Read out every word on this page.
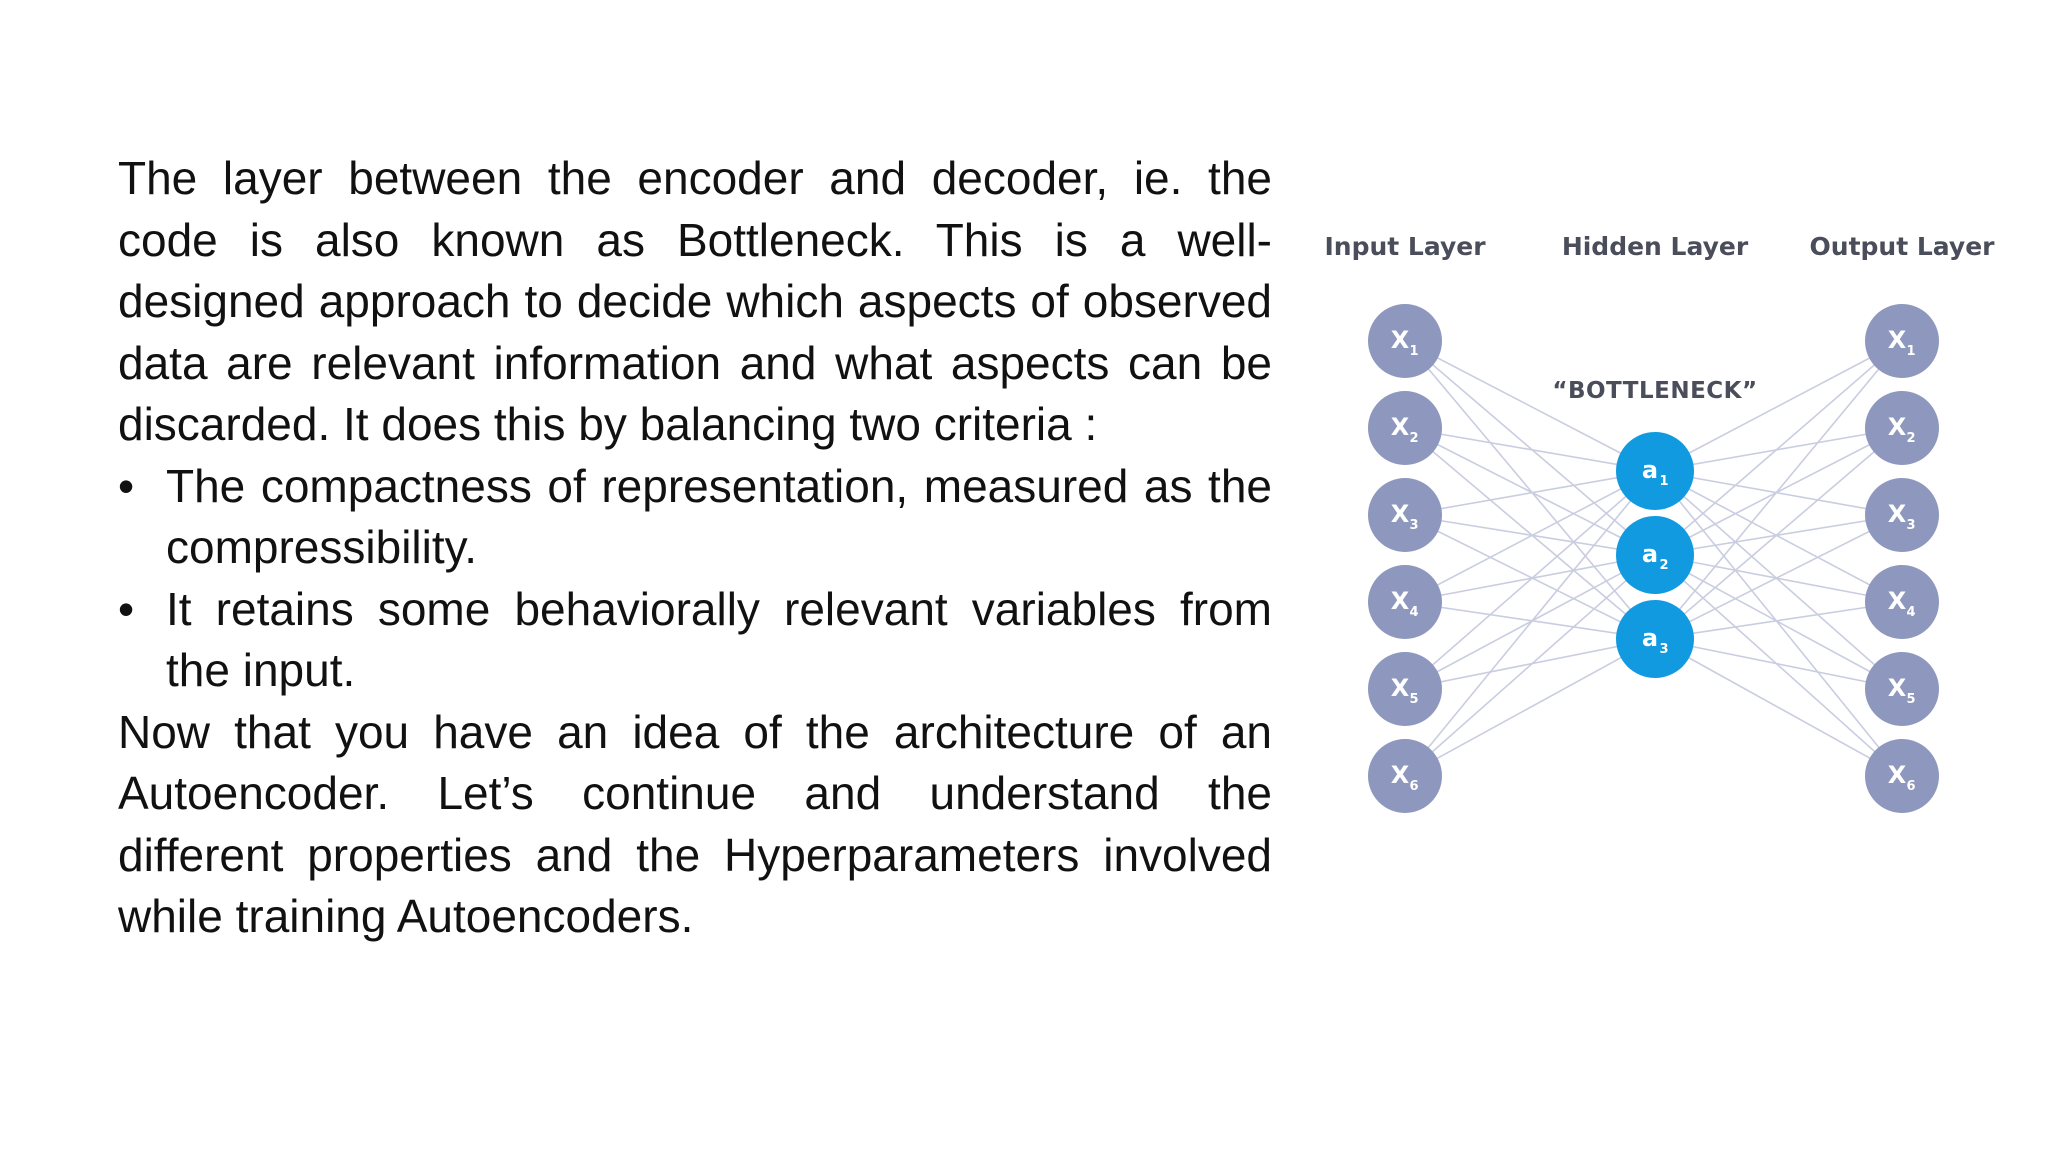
The layer between the encoder and decoder, ie. the code is also known as Bottleneck. This is a well-designed approach to decide which aspects of observed data are relevant information and what aspects can be discarded. It does this by balancing two criteria :

• The compactness of representation, measured as the compressibility.
• It retains some behaviorally relevant variables from the input.

Now that you have an idea of the architecture of an Autoencoder. Let’s continue and understand the different properties and the Hyperparameters involved while training Autoencoders.

X 1
X 2
X 3
X 4
X 5
X 6
a 1
a 2
a 3
X 1
X 2
X 3
X 4
X 5
X 6
Input Layer	Hidden Layer Output Layer
“BOTTLENECK”
